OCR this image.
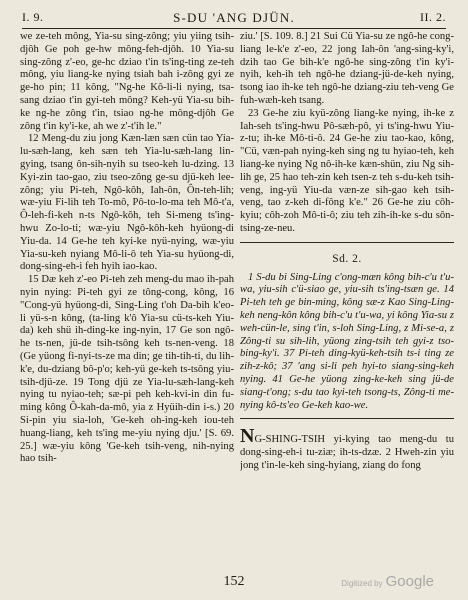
I. 9.	S-DU 'ANG DJÜN.	II. 2.

we ze-teh mông, Yia-su sing-zông; yiu yiing tsih-djôh Ge poh ge-hw mông-feh-djôh. 10 Yia-su sing-zông z'-eo, ge-hc dziao t'in ts'ing-ting ze-teh mông, yiu liang-ke nying tsiah bah i-zông gyi ze ge-ho pin; 11 kông, "Ng-he Kô-li-li nying, tsa-sang dziao t'in gyi-teh mông? Keh-yü Yia-su bih-ke ng-he zông t'in, tsiao ng-he mông-djôh Ge zông t'in ky'i-ke, ah we z'-t'ih le."

12 Meng-du ziu jong Kæn-læn sæn cün tao Yia-lu-sæh-lang, keh sæn teh Yia-lu-sæh-lang lin-gying, tsang ôn-sih-nyih su tseo-keh lu-dzing. 13 Kyi-zin tao-gao, ziu tseo-zông ge-su djü-keh lee-zông; yiu Pi-teh, Ngô-kôh, Iah-ôn, Ôn-teh-lih; wæ-yiu Fi-lih teh To-mô, Pô-to-lo-ma teh Mô-t'a, Ô-leh-fi-keh n-ts Ngô-kôh, teh Si-meng ts'ing-hwu Zo-lo-ti; wæ-yiu Ngô-kôh-keh hyüong-di Yiu-da. 14 Ge-he teh kyi-ke nyü-nying, wæ-yiu Yia-su-keh nyiang Mô-li-ô teh Yia-su hyüong-di, dong-sing-eh-i feh hyih iao-kao.

15 Dæ keh z'-eo Pi-teh zeh meng-du mao ih-pah nyin nying: Pi-teh gyi ze tông-cong, kông, 16 "Cong-yü hyüong-di, Sing-Ling t'oh Da-bih k'eo-li yü-s-n kông, (ta-ling k'ô Yia-su cü-ts-keh Yiu-da) keh shü ih-ding-ke ing-nyin, 17 Ge son ngô-he ts-nen, jü-de tsih-tsông keh ts-nen-veng. 18 (Ge yüong fi-nyi-ts-ze ma din; ge tih-tih-ti, du lih-k'e, du-dziang bô-p'o; keh-yü ge-keh ts-tsông yiu-tsih-djü-ze. 19 Tong djü ze Yia-lu-sæh-lang-keh nying tu nyiao-teh; sæ-pi peh keh-kvi-in din fu-ming kông Ô-kah-da-mô, yia z Hyüih-din i-s.) 20 Si-pin yiu sia-loh, 'Ge-keh oh-ing-keh iou-teh huang-liang, keh ts'ing me-yiu nying dju.' [S. 69. 25.] wæ-yiu kông 'Ge-keh tsih-veng, nih-nying hao tsih-

ziu.' [S. 109. 8.] 21 Sui Cü Yia-su ze ngô-he cong-liang le-k'e z'-eo, 22 jong Iah-ôn 'ang-sing-ky'i, dzih tao Ge bih-k'e ngô-he sing-zông t'in ky'i-nyih, keh-ih teh ngô-he dziang-jü-de-keh nying, tsong iao ih-ke teh ngô-he dziang-ziu teh-veng Ge fuh-wæh-keh tsang.

23 Ge-he ziu kyü-zông liang-ke nying, ih-ke z Iah-seh ts'ing-hwu Pô-sæh-pô, yi ts'ing-hwu Yiu-z-tu; ih-ke Mô-ti-ô. 24 Ge-he ziu tao-kao, kông, "Cü, væn-pah nying-keh sing ng tu hyiao-teh, keh liang-ke nying Ng nô-ih-ke kæn-shün, ziu Ng sih-lih ge, 25 hao teh-zin keh tsen-z teh s-du-keh tsih-veng, ing-yü Yiu-da væn-ze sih-gao keh tsih-veng, tao z-keh di-fông k'e." 26 Ge-he ziu côh-kyiu; côh-zoh Mô-ti-ô; ziu teh zih-ih-ke s-du sôn-tsing-ze-neu.

Sd. 2.

1 S-du bi Sing-Ling c'ong-mæn kông bih-c'u t'u-wa, yiu-sih c'ü-siao ge, yiu-sih ts'ing-tsæn ge. 14 Pi-teh teh ge bin-ming, kông sæ-z Kao Sing-Ling-keh neng-kôn kông bih-c'u t'u-wa, yi kông Yia-su z weh-cün-le, sing t'in, s-loh Sing-Ling, z Mi-se-a, z Zông-ti su sih-lih, yüong zing-tsih teh gyi-z tso-bing-ky'i. 37 Pi-teh ding-kyü-keh-tsih ts-i ting ze zih-z-kô; 37 'ang si-li peh hyi-to siang-sing-keh nying. 41 Ge-he yüong zing-ke-keh sing jü-de siang-t'ong; s-du tao kyi-teh tsong-ts, Zông-ti me-nying kô-ts'eo Ge-keh kao-we.

NG-SHING-TSIH yi-kying tao meng-du tu dong-sing-eh-i tu-ziæ; ih-ts-dzæ. 2 Hweh-zin yiu jong t'in-le-keh sing-hyiang, ziang do fong

152	Digitized by Google
